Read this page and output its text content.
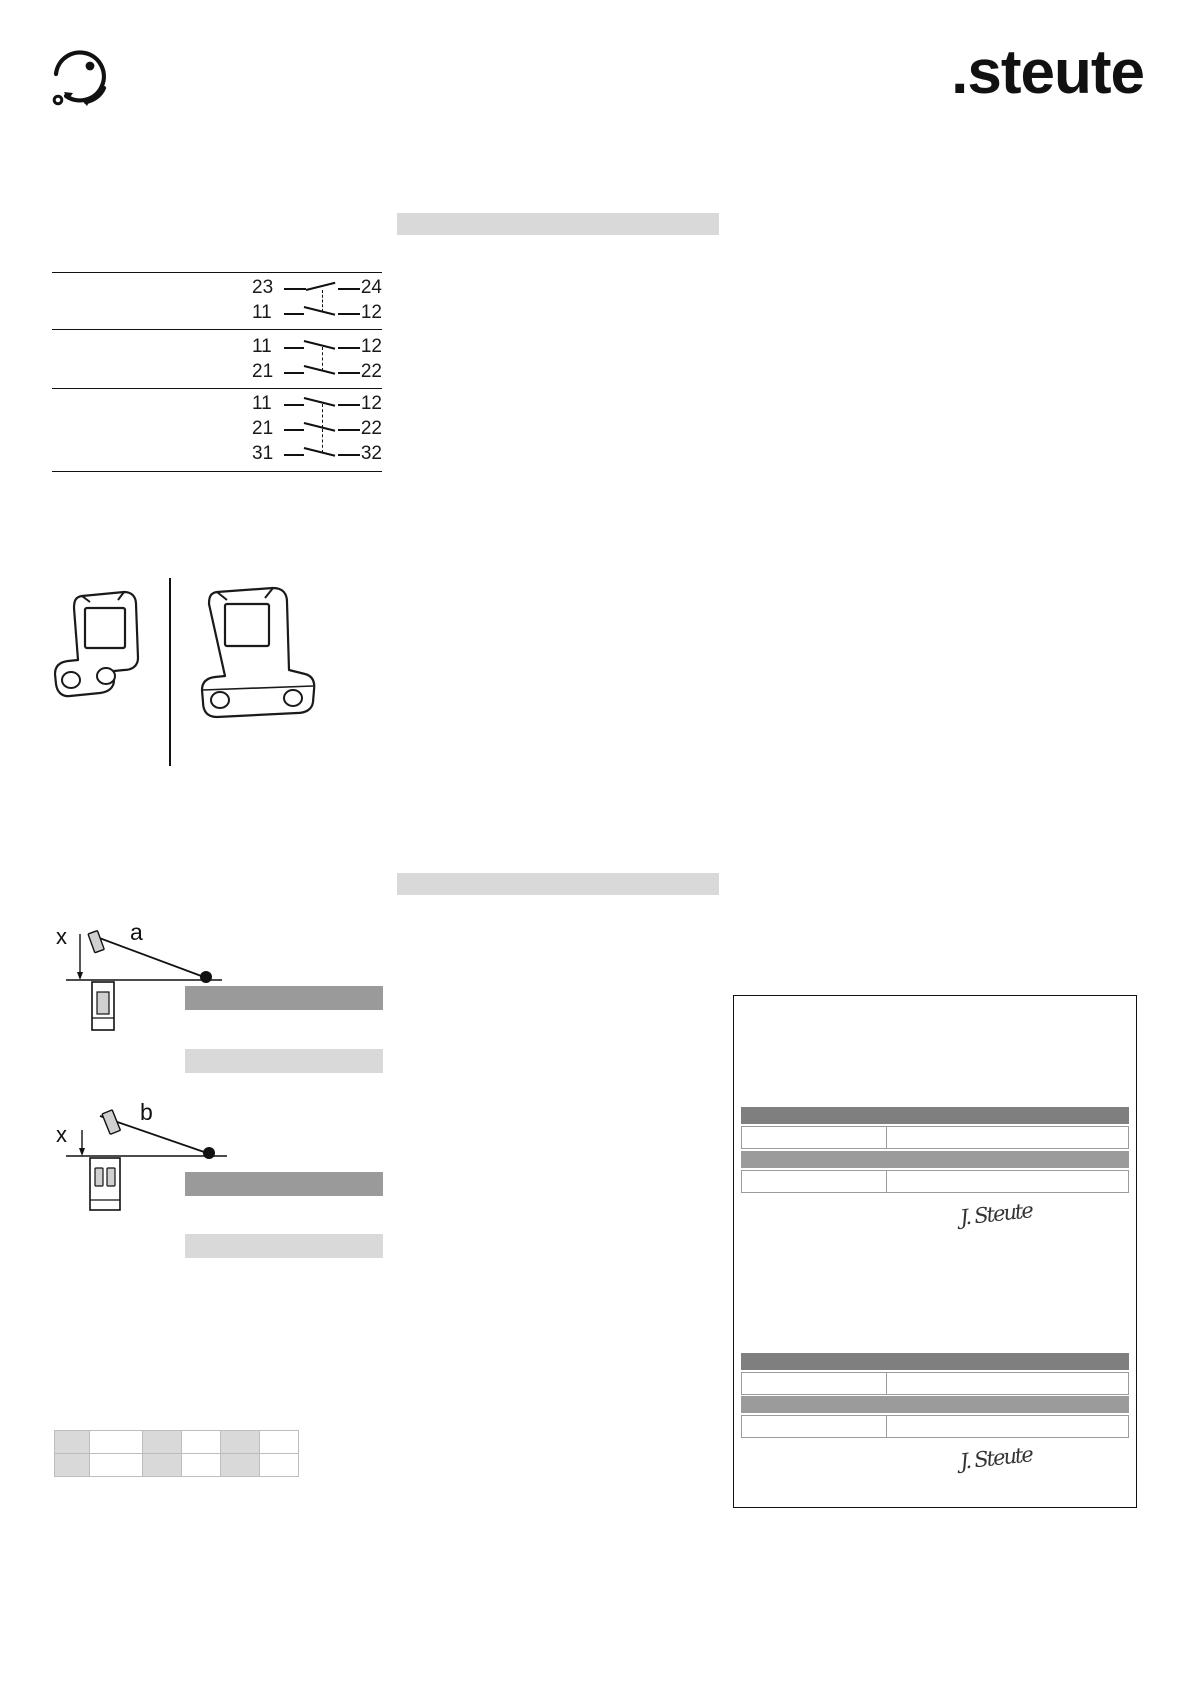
.steute
23	24
11	12
11	12
21	22
11	12
21	22
31	32
x	a
x
b

J. Steute
J. Steute
